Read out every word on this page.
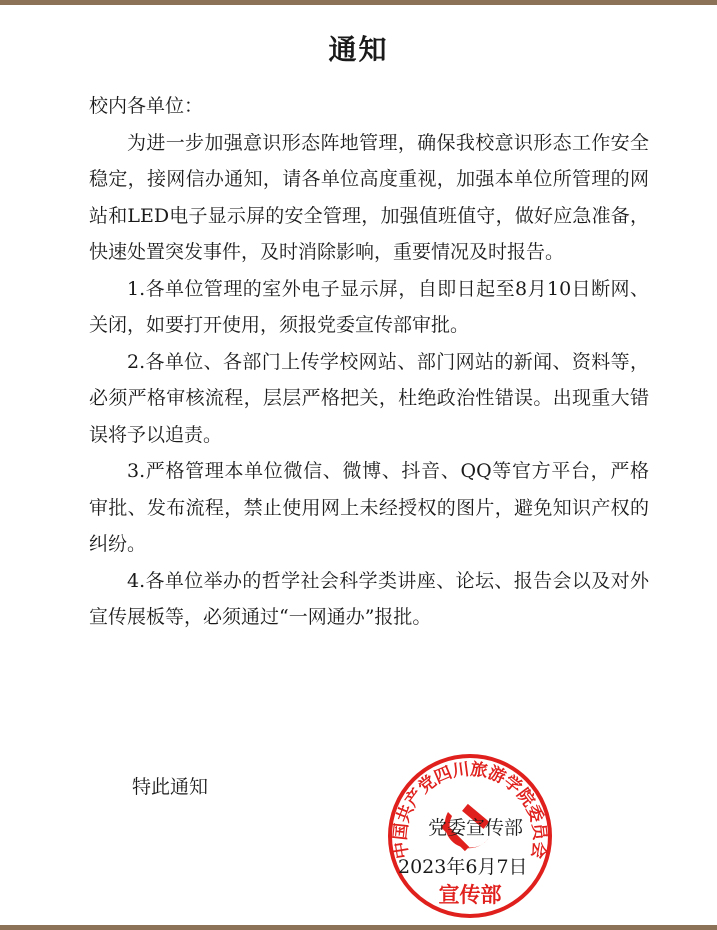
通知

校内各单位：

为进一步加强意识形态阵地管理，确保我校意识形态工作安全稳定，接网信办通知，请各单位高度重视，加强本单位所管理的网站和LED电子显示屏的安全管理，加强值班值守，做好应急准备，快速处置突发事件，及时消除影响，重要情况及时报告。

1.各单位管理的室外电子显示屏，自即日起至8月10日断网、关闭，如要打开使用，须报党委宣传部审批。

2.各单位、各部门上传学校网站、部门网站的新闻、资料等，必须严格审核流程，层层严格把关，杜绝政治性错误。出现重大错误将予以追责。

3.严格管理本单位微信、微博、抖音、QQ等官方平台，严格审批、发布流程，禁止使用网上未经授权的图片，避免知识产权的纠纷。

4.各单位举办的哲学社会科学类讲座、论坛、报告会以及对外宣传展板等，必须通过“一网通办”报批。

特此通知
中国共产党四川旅游学院委员会
宣传部
党委宣传部
2023年6月7日
